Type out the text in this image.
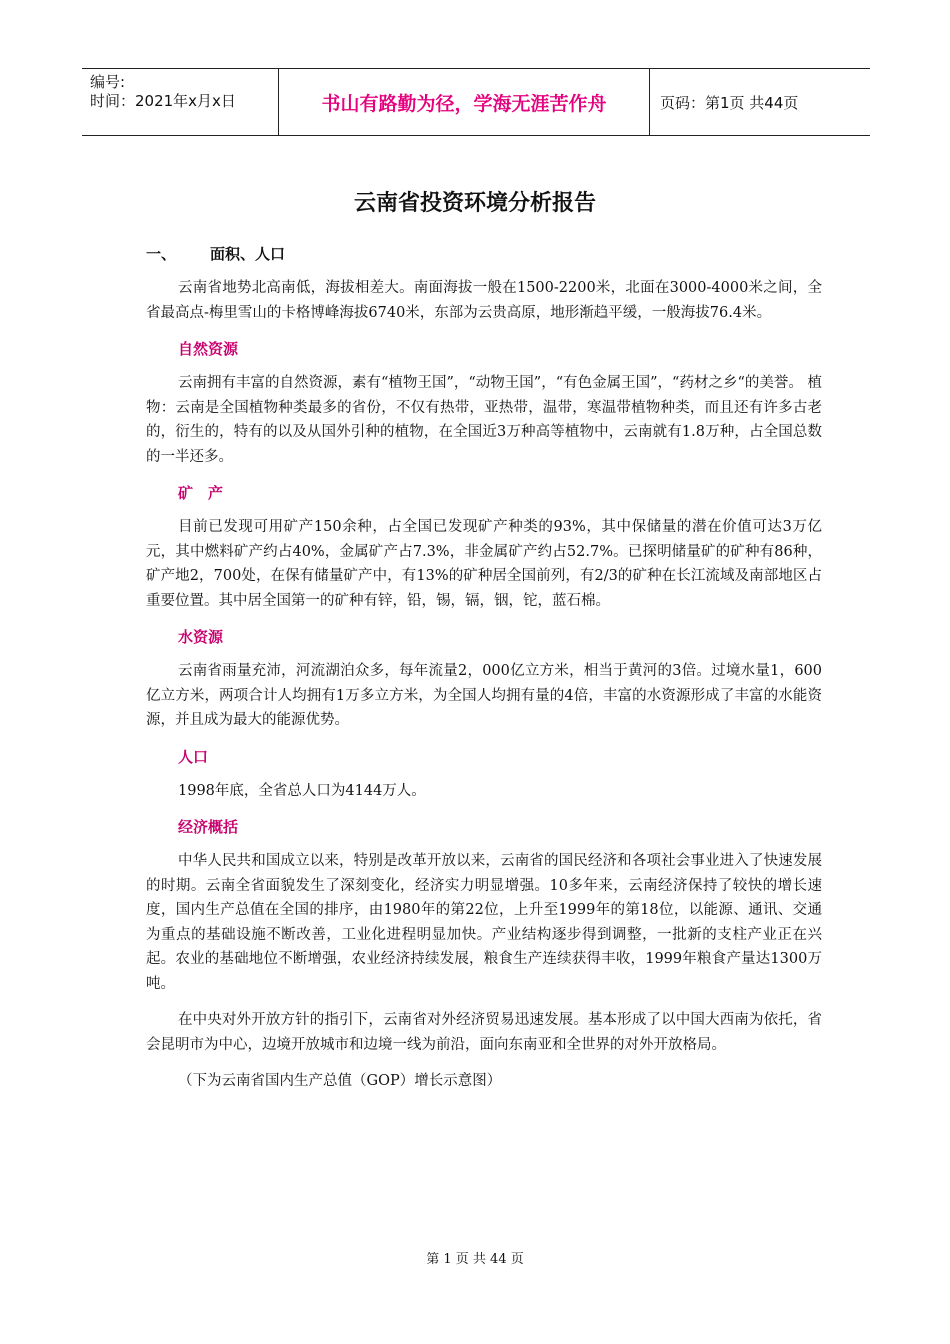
编号:
时间：2021年x月x日	书山有路勤为径，学海无涯苦作舟	页码：第1页 共44页
云南省投资环境分析报告
一、 面积、人口

云南省地势北高南低，海拔相差大。南面海拔一般在1500-2200米，北面在3000-4000米之间，全省最高点-梅里雪山的卡格博峰海拔6740米，东部为云贵高原，地形渐趋平缓，一般海拔76.4米。

自然资源

云南拥有丰富的自然资源，素有“植物王国”，“动物王国”，“有色金属王国”，“药材之乡“的美誉。 植物：云南是全国植物种类最多的省份，不仅有热带，亚热带，温带，寒温带植物种类，而且还有许多古老的，衍生的，特有的以及从国外引种的植物，在全国近3万种高等植物中，云南就有1.8万种，占全国总数的一半还多。

矿　产

目前已发现可用矿产150余种，占全国已发现矿产种类的93%，其中保储量的潜在价值可达3万亿元，其中燃料矿产约占40%，金属矿产占7.3%，非金属矿产约占52.7%。已探明储量矿的矿种有86种，矿产地2，700处，在保有储量矿产中，有13%的矿种居全国前列，有2/3的矿种在长江流域及南部地区占重要位置。其中居全国第一的矿种有锌，铅，锡，镉，铟，铊，蓝石棉。

水资源

云南省雨量充沛，河流湖泊众多，每年流量2，000亿立方米，相当于黄河的3倍。过境水量1，600亿立方米，两项合计人均拥有1万多立方米，为全国人均拥有量的4倍，丰富的水资源形成了丰富的水能资源，并且成为最大的能源优势。

人口

1998年底，全省总人口为4144万人。

经济概括

中华人民共和国成立以来，特别是改革开放以来，云南省的国民经济和各项社会事业进入了快速发展的时期。云南全省面貌发生了深刻变化，经济实力明显增强。10多年来，云南经济保持了较快的增长速度，国内生产总值在全国的排序，由1980年的第22位，上升至1999年的第18位，以能源、通讯、交通为重点的基础设施不断改善，工业化进程明显加快。产业结构逐步得到调整，一批新的支柱产业正在兴起。农业的基础地位不断增强，农业经济持续发展，粮食生产连续获得丰收，1999年粮食产量达1300万吨。

在中央对外开放方针的指引下，云南省对外经济贸易迅速发展。基本形成了以中国大西南为依托，省会昆明市为中心，边境开放城市和边境一线为前沿，面向东南亚和全世界的对外开放格局。

（下为云南省国内生产总值（GOP）增长示意图）

第 1 页 共 44 页
